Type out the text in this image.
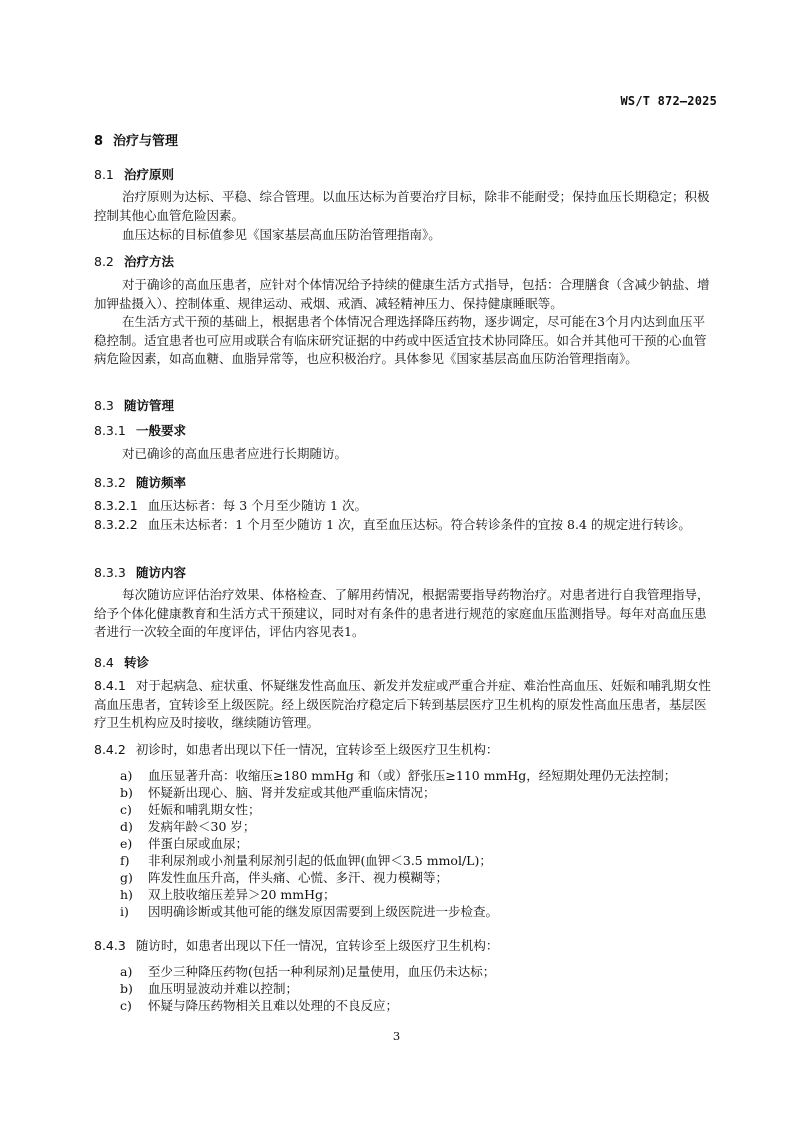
WS/T 872—2025
8 治疗与管理
8.1 治疗原则
治疗原则为达标、平稳、综合管理。以血压达标为首要治疗目标，除非不能耐受；保持血压长期稳定；积极控制其他心血管危险因素。
血压达标的目标值参见《国家基层高血压防治管理指南》。
8.2 治疗方法
对于确诊的高血压患者，应针对个体情况给予持续的健康生活方式指导，包括：合理膳食（含减少钠盐、增加钾盐摄入）、控制体重、规律运动、戒烟、戒酒、减轻精神压力、保持健康睡眠等。
在生活方式干预的基础上，根据患者个体情况合理选择降压药物，逐步调定，尽可能在3个月内达到血压平稳控制。适宜患者也可应用或联合有临床研究证据的中药或中医适宜技术协同降压。如合并其他可干预的心血管病危险因素，如高血糖、血脂异常等，也应积极治疗。具体参见《国家基层高血压防治管理指南》。
8.3 随访管理
8.3.1 一般要求
对已确诊的高血压患者应进行长期随访。
8.3.2 随访频率
8.3.2.1 血压达标者：每 3 个月至少随访 1 次。
8.3.2.2 血压未达标者：1 个月至少随访 1 次，直至血压达标。符合转诊条件的宜按 8.4 的规定进行转诊。
8.3.3 随访内容
每次随访应评估治疗效果、体格检查、了解用药情况，根据需要指导药物治疗。对患者进行自我管理指导，给予个体化健康教育和生活方式干预建议，同时对有条件的患者进行规范的家庭血压监测指导。每年对高血压患者进行一次较全面的年度评估，评估内容见表1。
8.4 转诊
8.4.1 对于起病急、症状重、怀疑继发性高血压、新发并发症或严重合并症、难治性高血压、妊娠和哺乳期女性高血压患者，宜转诊至上级医院。经上级医院治疗稳定后下转到基层医疗卫生机构的原发性高血压患者，基层医疗卫生机构应及时接收，继续随访管理。
8.4.2 初诊时，如患者出现以下任一情况，宜转诊至上级医疗卫生机构：
a)	血压显著升高：收缩压≥180 mmHg 和（或）舒张压≥110 mmHg，经短期处理仍无法控制；
b)	怀疑新出现心、脑、肾并发症或其他严重临床情况；
c)	妊娠和哺乳期女性；
d)	发病年龄＜30 岁；
e)	伴蛋白尿或血尿；
f)	非利尿剂或小剂量利尿剂引起的低血钾(血钾＜3.5 mmol/L)；
g)	阵发性血压升高，伴头痛、心慌、多汗、视力模糊等；
h)	双上肢收缩压差异＞20 mmHg；
i)	因明确诊断或其他可能的继发原因需要到上级医院进一步检查。
8.4.3 随访时，如患者出现以下任一情况，宜转诊至上级医疗卫生机构：
a)	至少三种降压药物(包括一种利尿剂)足量使用，血压仍未达标；
b)	血压明显波动并难以控制；
c)	怀疑与降压药物相关且难以处理的不良反应；
3
